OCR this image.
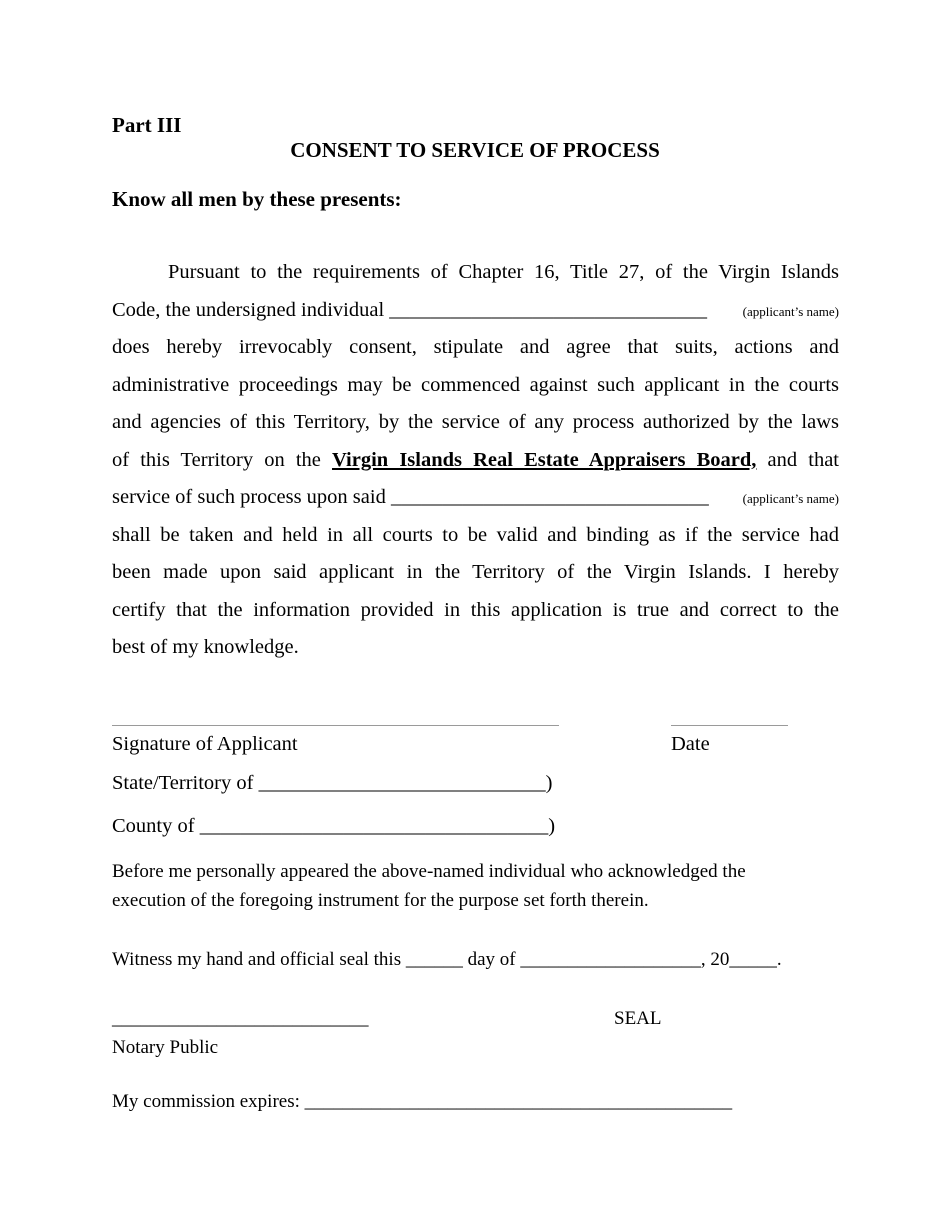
Part III
CONSENT TO SERVICE OF PROCESS
Know all men by these presents:
Pursuant to the requirements of Chapter 16, Title 27, of the Virgin Islands
Code, the undersigned individual _______________________________	(applicant’s name)
does hereby irrevocably consent, stipulate and agree that suits, actions and
administrative proceedings may be commenced against such applicant in the courts
and agencies of this Territory, by the service of any process authorized by the laws
of this Territory on the Virgin Islands Real Estate Appraisers Board, and that
service of such process upon said _______________________________	(applicant’s name)
shall be taken and held in all courts to be valid and binding as if the service had
been made upon said applicant in the Territory of the Virgin Islands. I hereby
certify that the information provided in this application is true and correct to the
best of my knowledge.
Signature of Applicant	Date
State/Territory of ____________________________)
County of __________________________________)
Before me personally appeared the above-named individual who acknowledged the
execution of the foregoing instrument for the purpose set forth therein.
Witness my hand and official seal this ______ day of ___________________, 20_____.
___________________________	SEAL
Notary Public
My commission expires: _____________________________________________
